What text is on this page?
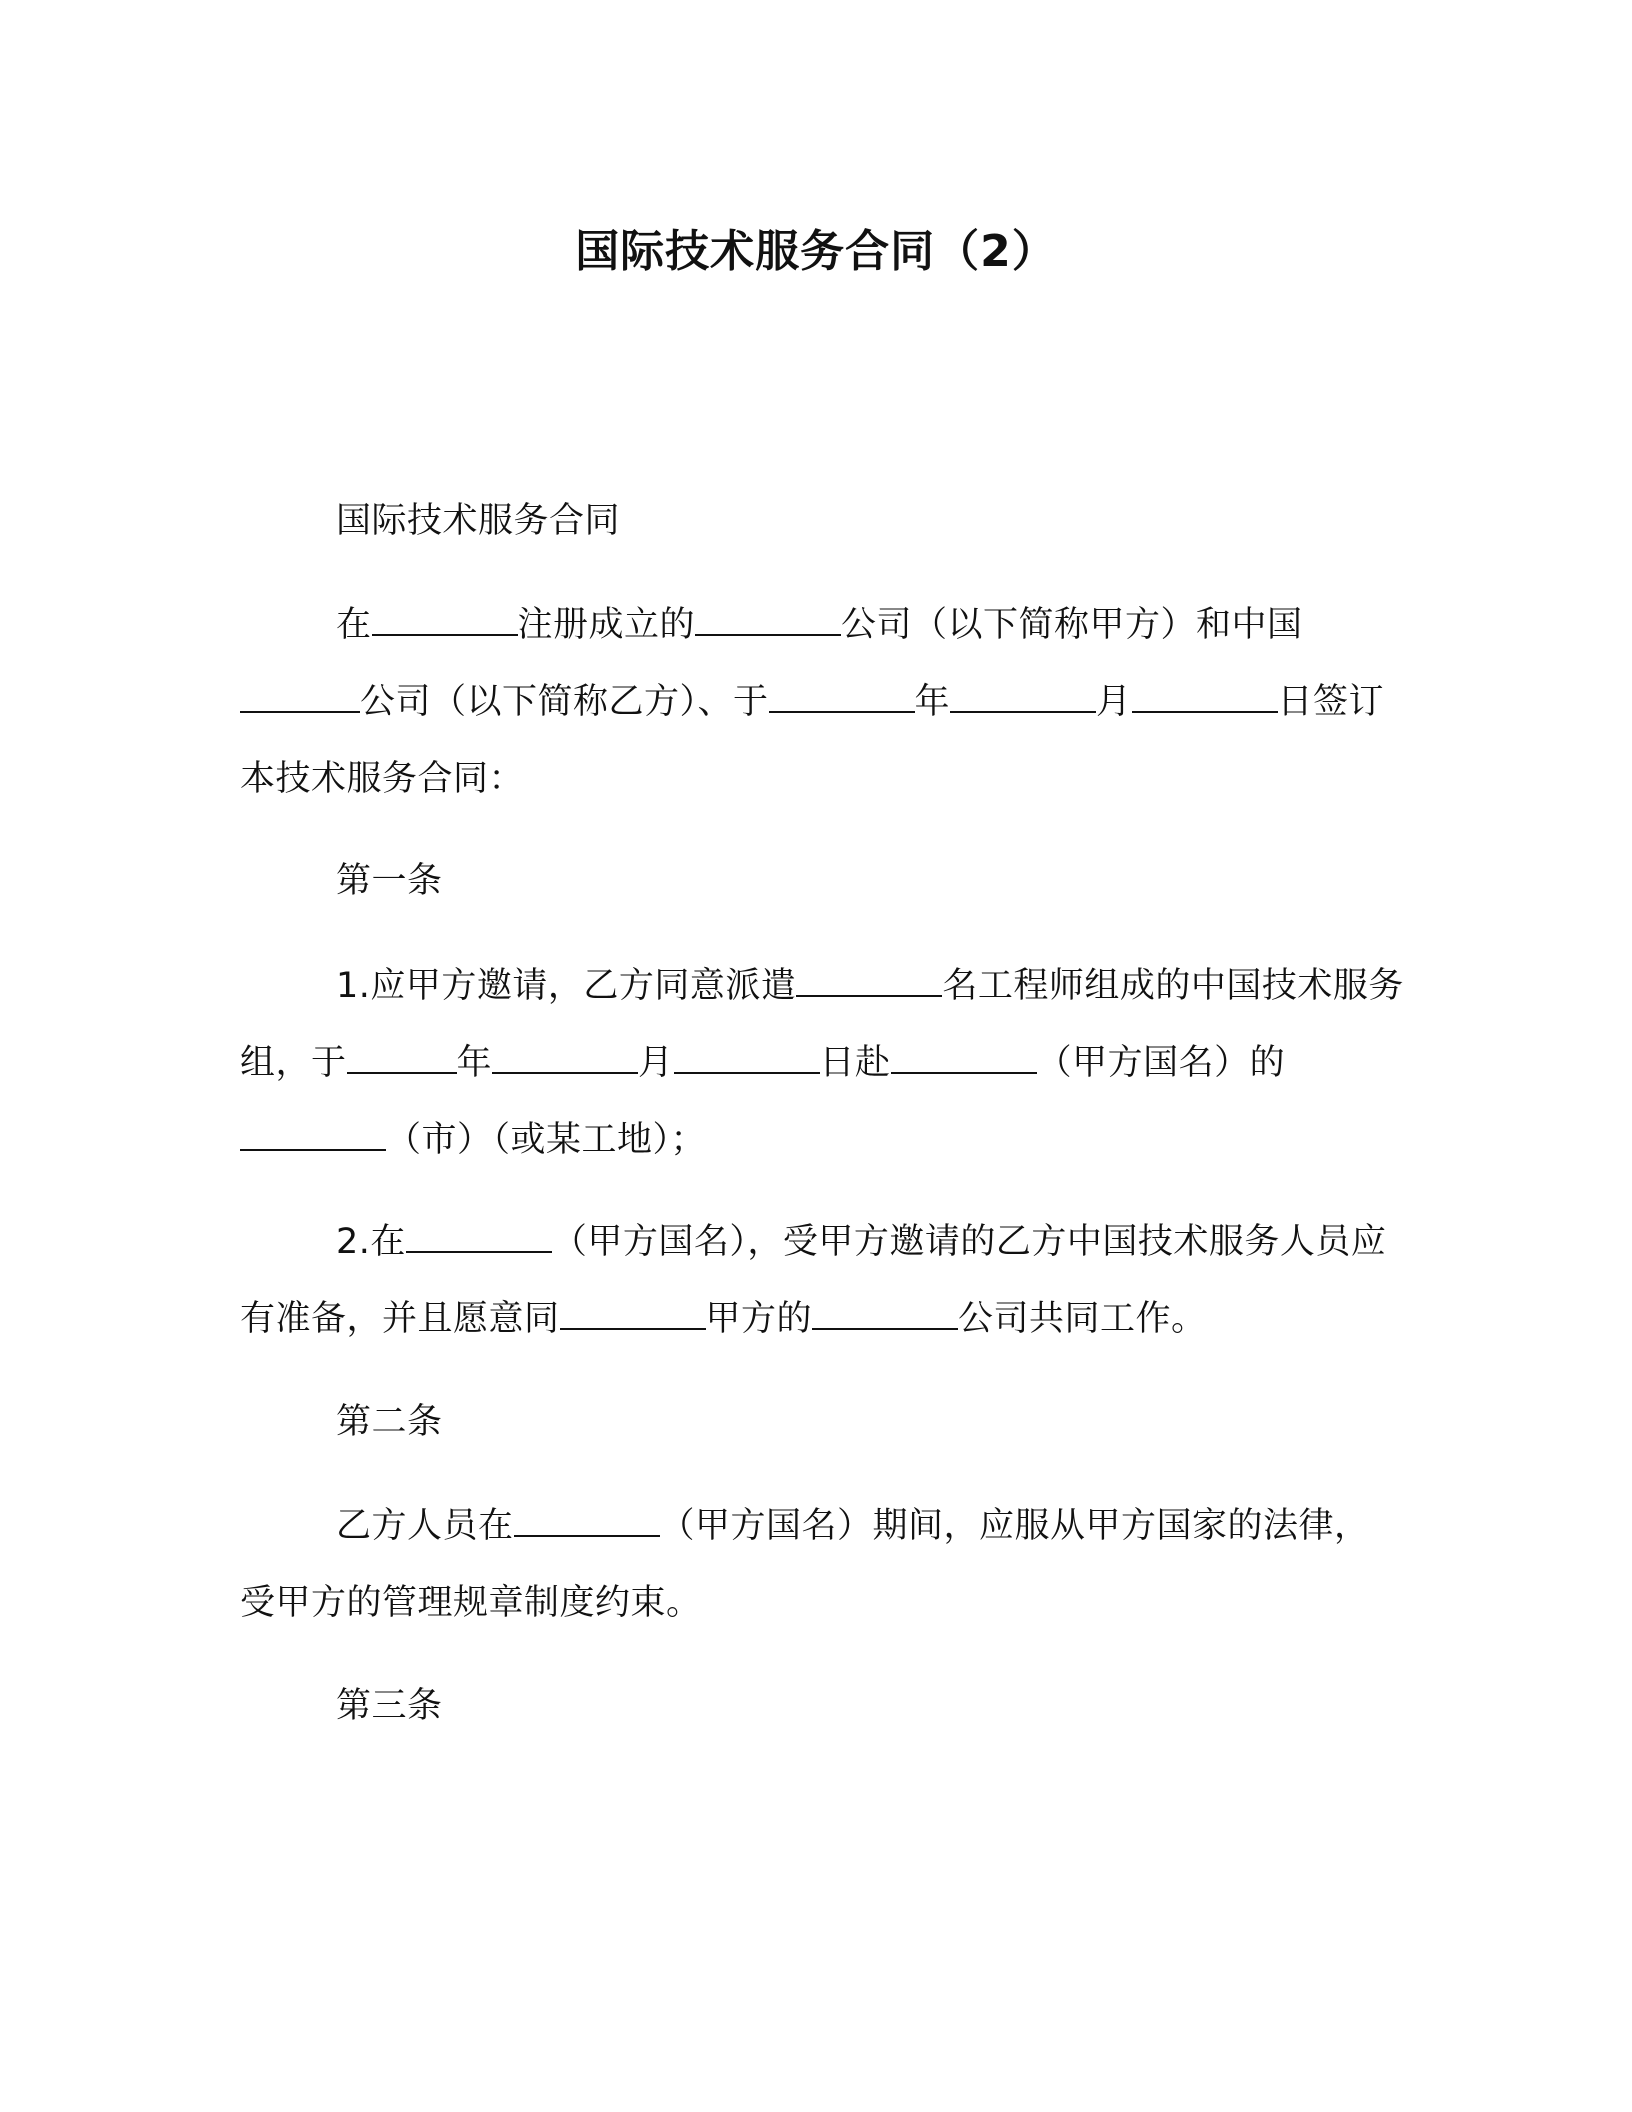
国际技术服务合同（2）
国际技术服务合同
在	注册成立的	公司（以下简称甲方）和中国公司（以下简称乙方）、于	年	月	日签订本技术服务合同：
第一条
1.应甲方邀请，乙方同意派遣	名工程师组成的中国技术服务组，于	年	月	日赴	（甲方国名）的（市）（或某工地）；
2.在	（甲方国名），受甲方邀请的乙方中国技术服务人员应有准备，并且愿意同	甲方的	公司共同工作。
第二条
乙方人员在	（甲方国名）期间，应服从甲方国家的法律，受甲方的管理规章制度约束。
第三条
